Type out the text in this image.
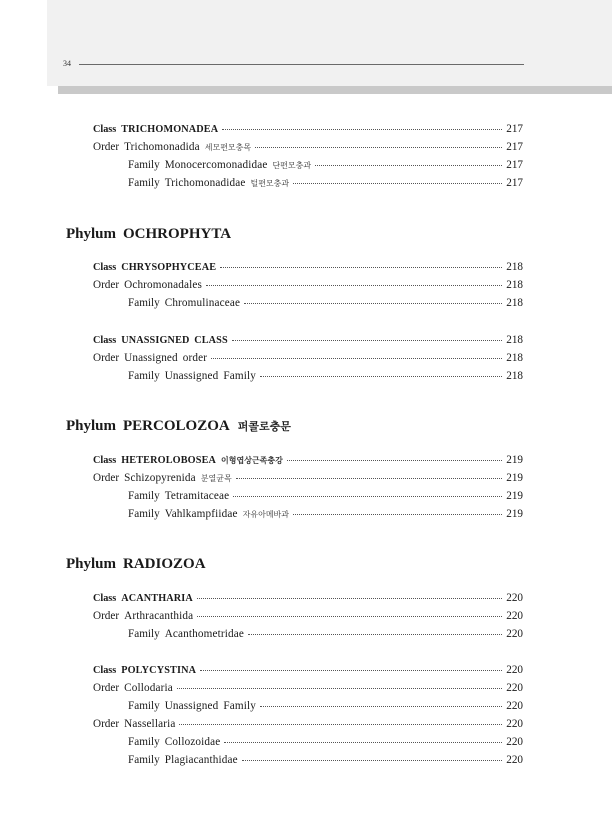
34
Class TRICHOMONADEA	217
Order Trichomonadida 세모편모충목	217
Family Monocercomonadidae 단편모충과	217
Family Trichomonadidae 털편모충과	217
Phylum OCHROPHYTA
Class CHRYSOPHYCEAE	218
Order Ochromonadales	218
Family Chromulinaceae	218
Class UNASSIGNED CLASS	218
Order Unassigned order	218
Family Unassigned Family	218
Phylum PERCOLOZOA 퍼콜로충문
Class HETEROLOBOSEA 이형엽상근족충강	219
Order Schizopyrenida 분열균목	219
Family Tetramitaceae	219
Family Vahlkampfiidae 자유아메바과	219
Phylum RADIOZOA
Class ACANTHARIA	220
Order Arthracanthida	220
Family Acanthometridae	220
Class POLYCYSTINA	220
Order Collodaria	220
Family Unassigned Family	220
Order Nassellaria	220
Family Collozoidae	220
Family Plagiacanthidae	220
